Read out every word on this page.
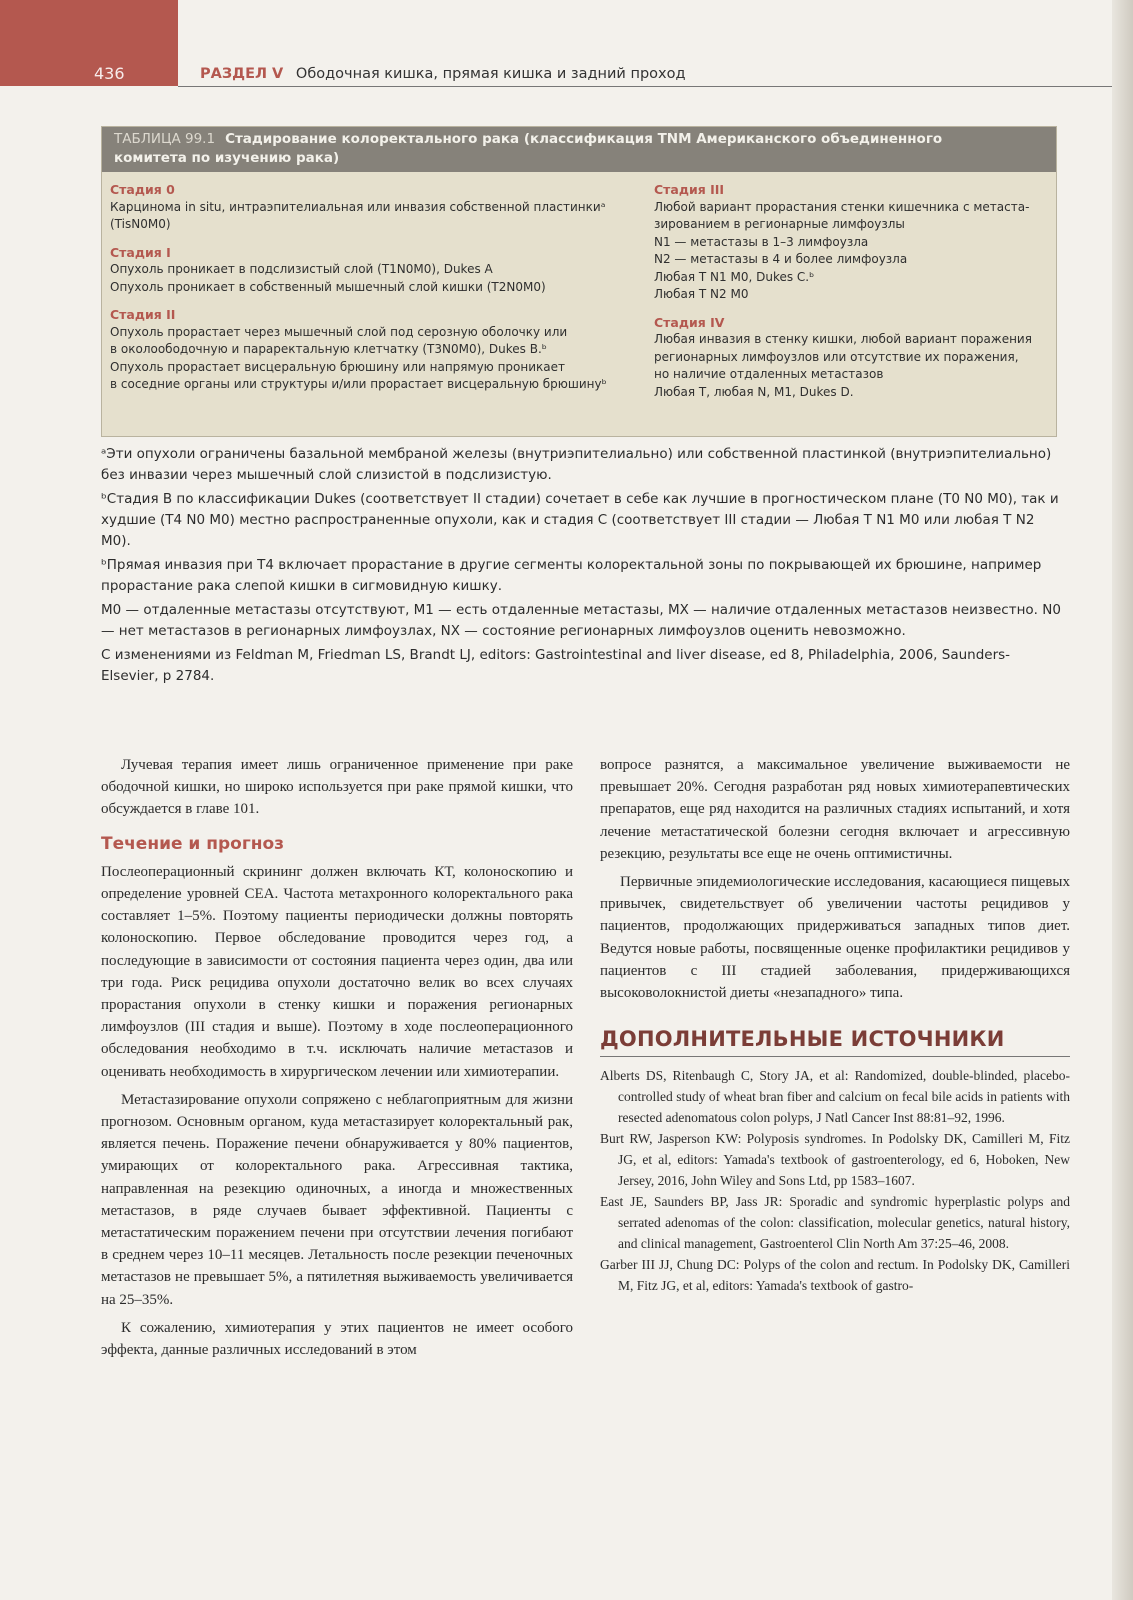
436	РАЗДЕЛ V Ободочная кишка, прямая кишка и задний проход
ТАБЛИЦА 99.1 Стадирование колоректального рака (классификация TNM Американского объединенного
комитета по изучению рака)
Стадия 0
Карцинома in situ, интраэпителиальная или инвазия собственной пластинкиᵃ
(TisN0M0)
Стадия I
Опухоль проникает в подслизистый слой (T1N0M0), Dukes A
Опухоль проникает в собственный мышечный слой кишки (T2N0M0)
Стадия II
Опухоль прорастает через мышечный слой под серозную оболочку или
в околоободочную и параректальную клетчатку (T3N0M0), Dukes B.ᵇ
Опухоль прорастает висцеральную брюшину или напрямую проникает
в соседние органы или структуры и/или прорастает висцеральную брюшинуᵇ
Стадия III
Любой вариант прорастания стенки кишечника с метаста-
зированием в регионарные лимфоузлы
N1 — метастазы в 1–3 лимфоузла
N2 — метастазы в 4 и более лимфоузла
Любая T N1 M0, Dukes C.ᵇ
Любая T N2 M0
Стадия IV
Любая инвазия в стенку кишки, любой вариант поражения
регионарных лимфоузлов или отсутствие их поражения,
но наличие отдаленных метастазов
Любая T, любая N, M1, Dukes D.

ᵃЭти опухоли ограничены базальной мембраной железы (внутриэпителиально) или собственной пластинкой (внутриэпителиально) без инвазии через мышечный слой слизистой в подслизистую.

ᵇСтадия B по классификации Dukes (соответствует II стадии) сочетает в себе как лучшие в прогностическом плане (T0 N0 M0), так и худшие (T4 N0 M0) местно распространенные опухоли, как и стадия C (соответствует III стадии — Любая T N1 M0 или любая T N2 M0).

ᵇПрямая инвазия при T4 включает прорастание в другие сегменты колоректальной зоны по покрывающей их брюшине, например прорастание рака слепой кишки в сигмовидную кишку.

M0 — отдаленные метастазы отсутствуют, M1 — есть отдаленные метастазы, MX — наличие отдаленных метастазов неизвестно. N0 — нет метастазов в регионарных лимфоузлах, NX — состояние регионарных лимфоузлов оценить невозможно.

С изменениями из Feldman M, Friedman LS, Brandt LJ, editors: Gastrointestinal and liver disease, ed 8, Philadelphia, 2006, Saunders-Elsevier, p 2784.

Лучевая терапия имеет лишь ограниченное применение при раке ободочной кишки, но широко используется при раке прямой кишки, что обсуждается в главе 101.

Течение и прогноз

Послеоперационный скрининг должен включать КТ, колоноскопию и определение уровней CEA. Частота метахронного колоректального рака составляет 1–5%. Поэтому пациенты периодически должны повторять колоноскопию. Первое обследование проводится через год, а последующие в зависимости от состояния пациента через один, два или три года. Риск рецидива опухоли достаточно велик во всех случаях прорастания опухоли в стенку кишки и поражения регионарных лимфоузлов (III стадия и выше). Поэтому в ходе послеоперационного обследования необходимо в т.ч. исключать наличие метастазов и оценивать необходимость в хирургическом лечении или химиотерапии.

Метастазирование опухоли сопряжено с неблагоприятным для жизни прогнозом. Основным органом, куда метастазирует колоректальный рак, является печень. Поражение печени обнаруживается у 80% пациентов, умирающих от колоректального рака. Агрессивная тактика, направленная на резекцию одиночных, а иногда и множественных метастазов, в ряде случаев бывает эффективной. Пациенты с метастатическим поражением печени при отсутствии лечения погибают в среднем через 10–11 месяцев. Летальность после резекции печеночных метастазов не превышает 5%, а пятилетняя выживаемость увеличивается на 25–35%.

К сожалению, химиотерапия у этих пациентов не имеет особого эффекта, данные различных исследований в этом

вопросе разнятся, а максимальное увеличение выживаемости не превышает 20%. Сегодня разработан ряд новых химиотерапевтических препаратов, еще ряд находится на различных стадиях испытаний, и хотя лечение метастатической болезни сегодня включает и агрессивную резекцию, результаты все еще не очень оптимистичны.

Первичные эпидемиологические исследования, касающиеся пищевых привычек, свидетельствует об увеличении частоты рецидивов у пациентов, продолжающих придерживаться западных типов диет. Ведутся новые работы, посвященные оценке профилактики рецидивов у пациентов с III стадией заболевания, придерживающихся высоковолокнистой диеты «незападного» типа.

ДОПОЛНИТЕЛЬНЫЕ ИСТОЧНИКИ

Alberts DS, Ritenbaugh C, Story JA, et al: Randomized, double-blinded, placebo-controlled study of wheat bran fiber and calcium on fecal bile acids in patients with resected adenomatous colon polyps, J Natl Cancer Inst 88:81–92, 1996.

Burt RW, Jasperson KW: Polyposis syndromes. In Podolsky DK, Camilleri M, Fitz JG, et al, editors: Yamada's textbook of gastroenterology, ed 6, Hoboken, New Jersey, 2016, John Wiley and Sons Ltd, pp 1583–1607.

East JE, Saunders BP, Jass JR: Sporadic and syndromic hyperplastic polyps and serrated adenomas of the colon: classification, molecular genetics, natural history, and clinical management, Gastroenterol Clin North Am 37:25–46, 2008.

Garber III JJ, Chung DC: Polyps of the colon and rectum. In Podolsky DK, Camilleri M, Fitz JG, et al, editors: Yamada's textbook of gastro-
